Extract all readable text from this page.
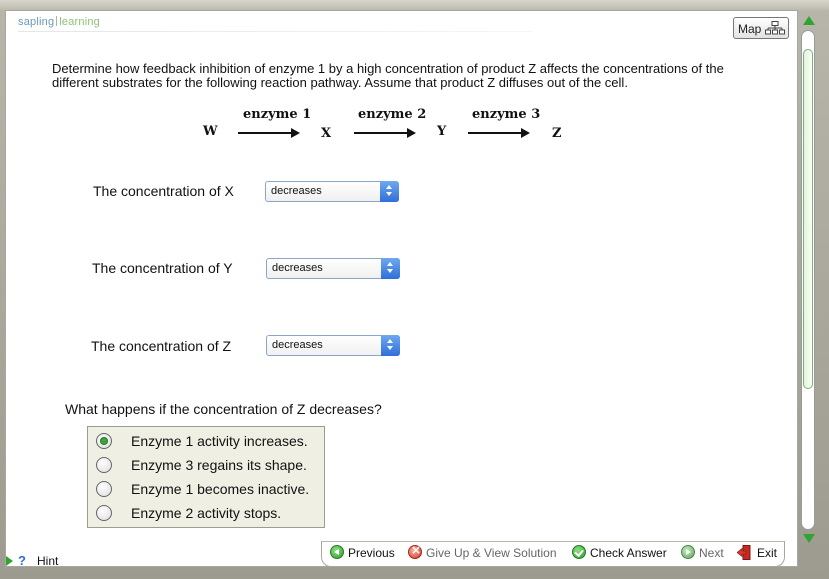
sapling learning	Map
Determine how feedback inhibition of enzyme 1 by a high concentration of product Z affects the concentrations of the different substrates for the following reaction pathway. Assume that product Z diffuses out of the cell.
W
enzyme 1
X
enzyme 2
Y
enzyme 3
Z
The concentration of X	decreases
The concentration of Y	decreases
The concentration of Z	decreases
What happens if the concentration of Z decreases?
Enzyme 1 activity increases.
Enzyme 3 regains its shape.
Enzyme 1 becomes inactive.
Enzyme 2 activity stops.
? Hint
Previous ×	Give Up & View Solution	Check Answer	Next	Exit
